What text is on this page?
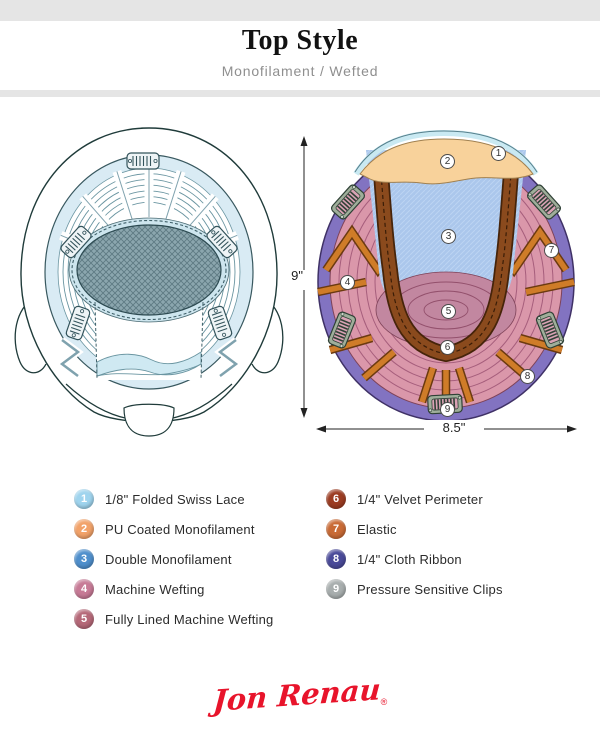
Top Style
Monofilament / Wefted
1
2
3
4
5
6
7
8
9
9"
8.5"
1	1/8" Folded Swiss Lace
2	PU Coated Monofilament
3	Double Monofilament
4	Machine Wefting
5	Fully Lined Machine Wefting
6	1/4" Velvet Perimeter
7	Elastic
8	1/4" Cloth Ribbon
9	Pressure Sensitive Clips
Jon Renau®
